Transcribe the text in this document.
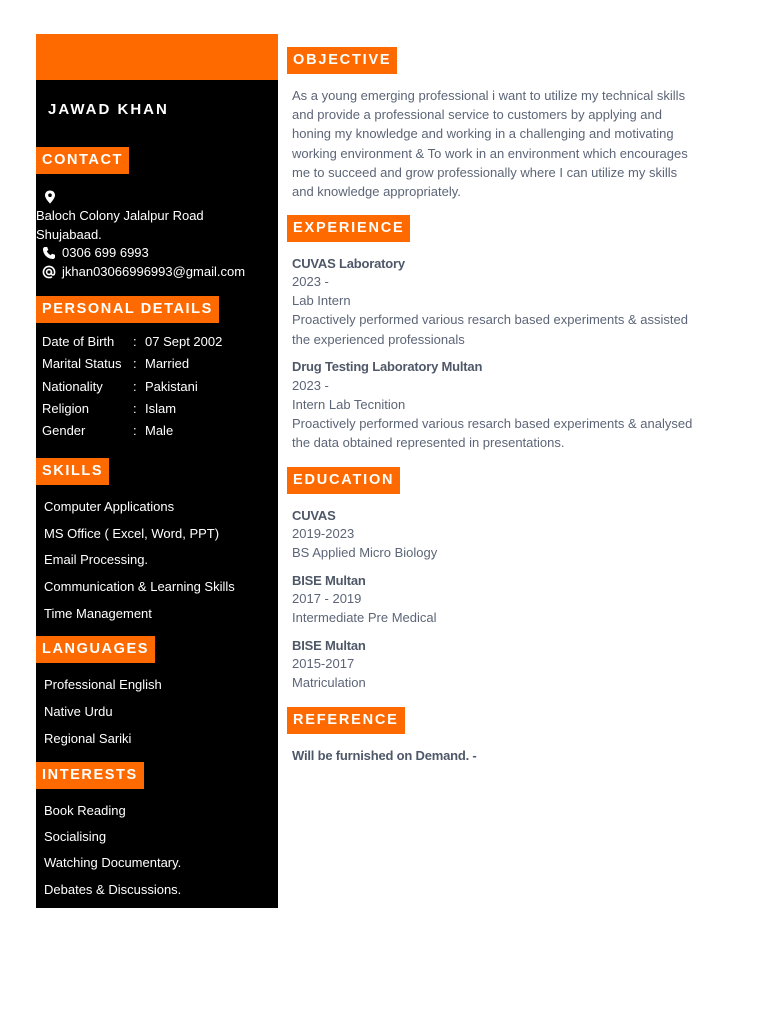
JAWAD KHAN
CONTACT
Baloch Colony Jalalpur Road
Shujabaad.
0306 699 6993
jkhan03066996993@gmail.com
PERSONAL DETAILS
Date of Birth : 07 Sept 2002
Marital Status : Married
Nationality : Pakistani
Religion	: Islam
Gender	: Male
SKILLS
Computer Applications
MS Office ( Excel, Word, PPT)
Email Processing.
Communication & Learning Skills
Time Management
LANGUAGES
Professional English
Native Urdu
Regional Sariki
INTERESTS
Book Reading
Socialising
Watching Documentary.
Debates & Discussions.
OBJECTIVE
As a young emerging professional i want to utilize my technical skills
and provide a professional service to customers by applying and
honing my knowledge and working in a challenging and motivating
working environment & To work in an environment which encourages
me to succeed and grow professionally where I can utilize my skills
and knowledge appropriately.
EXPERIENCE
CUVAS Laboratory
2023 -
Lab Intern
Proactively performed various resarch based experiments & assisted
the experienced professionals
Drug Testing Laboratory Multan
2023 -
Intern Lab Tecnition
Proactively performed various resarch based experiments & analysed
the data obtained represented in presentations.
EDUCATION
CUVAS
2019-2023
BS Applied Micro Biology
BISE Multan
2017 - 2019
Intermediate Pre Medical
BISE Multan
2015-2017
Matriculation
REFERENCE
Will be furnished on Demand. -
